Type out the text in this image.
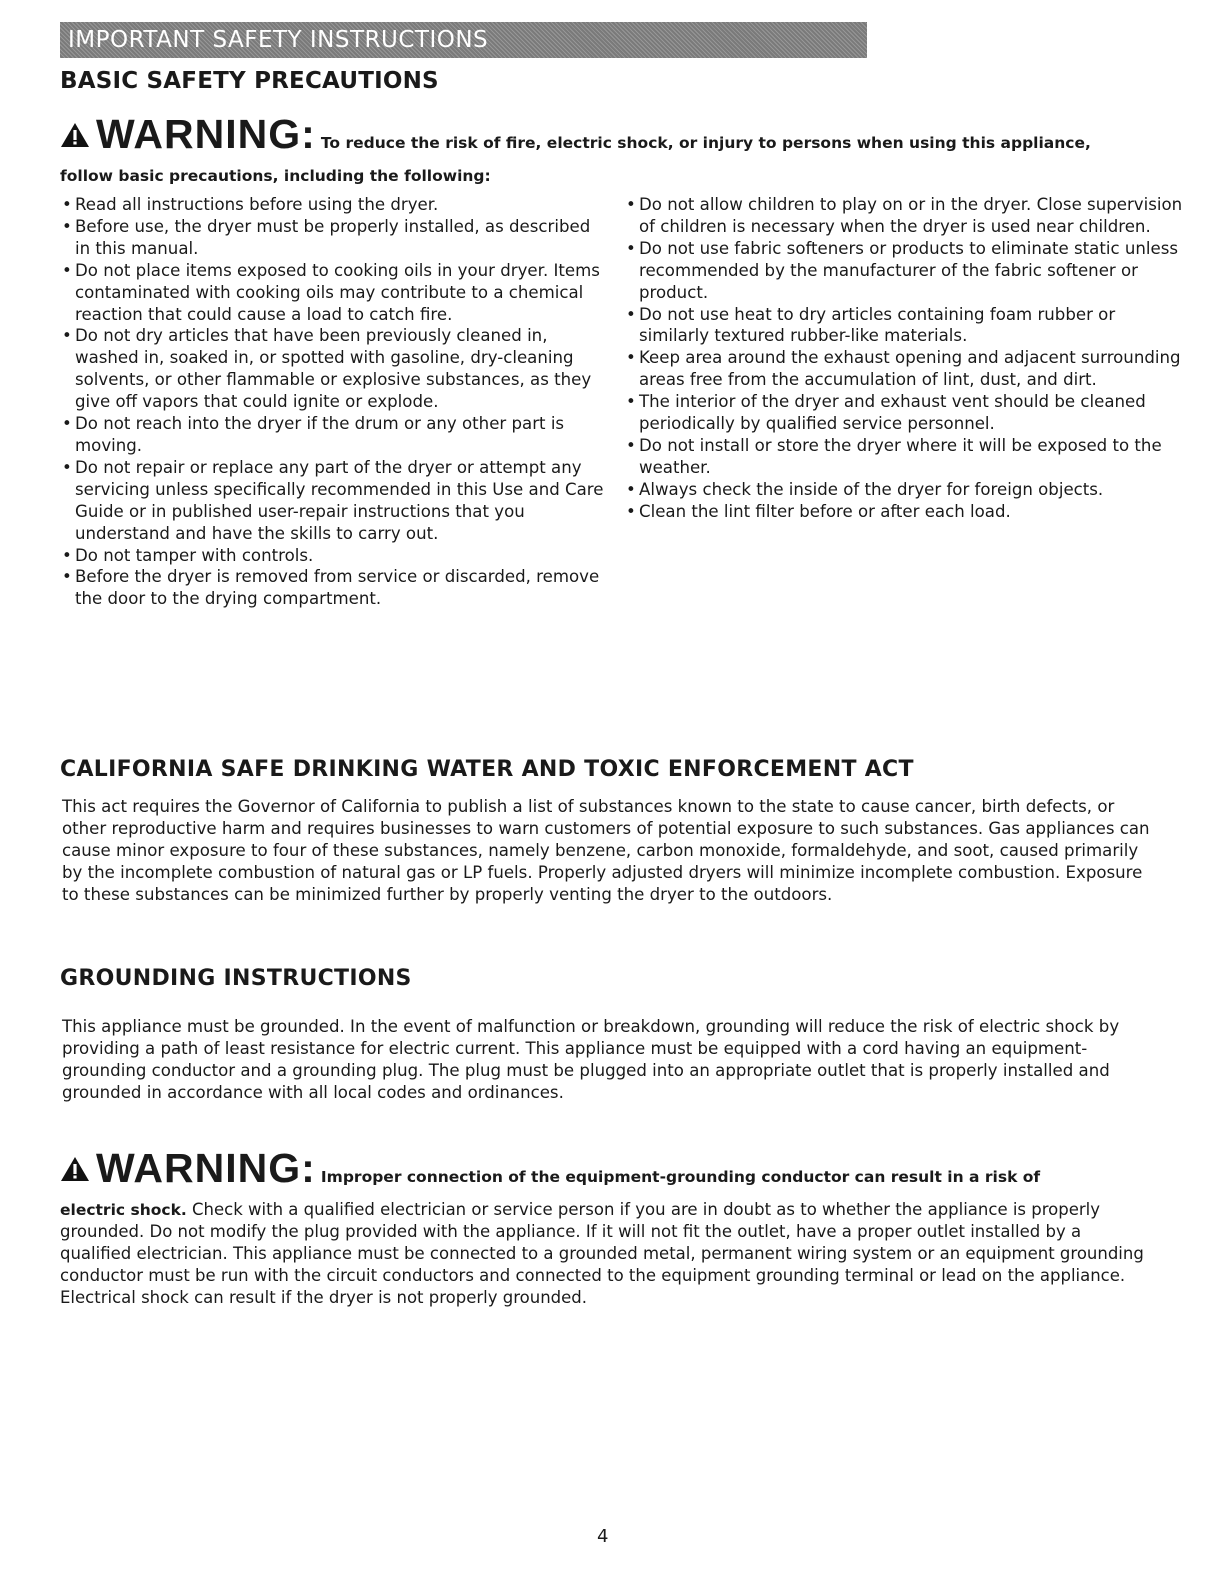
IMPORTANT SAFETY INSTRUCTIONS
BASIC SAFETY PRECAUTIONS
WARNING: To reduce the risk of fire, electric shock, or injury to persons when using this appliance,
follow basic precautions, including the following:
• Read all instructions before using the dryer.
• Before use, the dryer must be properly installed, as described in this manual.
• Do not place items exposed to cooking oils in your dryer. Items contaminated with cooking oils may contribute to a chemical reaction that could cause a load to catch fire.
• Do not dry articles that have been previously cleaned in, washed in, soaked in, or spotted with gasoline, dry-cleaning solvents, or other flammable or explosive substances, as they give off vapors that could ignite or explode.
• Do not reach into the dryer if the drum or any other part is moving.
• Do not repair or replace any part of the dryer or attempt any servicing unless specifically recommended in this Use and Care Guide or in published user-repair instructions that you understand and have the skills to carry out.
• Do not tamper with controls.
• Before the dryer is removed from service or discarded, remove the door to the drying compartment.
• Do not allow children to play on or in the dryer. Close supervision of children is necessary when the dryer is used near children.
• Do not use fabric softeners or products to eliminate static unless recommended by the manufacturer of the fabric softener or product.
• Do not use heat to dry articles containing foam rubber or similarly textured rubber-like materials.
• Keep area around the exhaust opening and adjacent surrounding areas free from the accumulation of lint, dust, and dirt.
• The interior of the dryer and exhaust vent should be cleaned periodically by qualified service personnel.
• Do not install or store the dryer where it will be exposed to the weather.
• Always check the inside of the dryer for foreign objects.
• Clean the lint filter before or after each load.
CALIFORNIA SAFE DRINKING WATER AND TOXIC ENFORCEMENT ACT

This act requires the Governor of California to publish a list of substances known to the state to cause cancer, birth defects, or other reproductive harm and requires businesses to warn customers of potential exposure to such substances. Gas appliances can cause minor exposure to four of these substances, namely benzene, carbon monoxide, formaldehyde, and soot, caused primarily by the incomplete combustion of natural gas or LP fuels. Properly adjusted dryers will minimize incomplete combustion. Exposure to these substances can be minimized further by properly venting the dryer to the outdoors.

GROUNDING INSTRUCTIONS

This appliance must be grounded. In the event of malfunction or breakdown, grounding will reduce the risk of electric shock by providing a path of least resistance for electric current. This appliance must be equipped with a cord having an equipment-grounding conductor and a grounding plug. The plug must be plugged into an appropriate outlet that is properly installed and grounded in accordance with all local codes and ordinances.

WARNING: Improper connection of the equipment-grounding conductor can result in a risk of
electric shock. Check with a qualified electrician or service person if you are in doubt as to whether the appliance is properly grounded. Do not modify the plug provided with the appliance. If it will not fit the outlet, have a proper outlet installed by a qualified electrician. This appliance must be connected to a grounded metal, permanent wiring system or an equipment grounding conductor must be run with the circuit conductors and connected to the equipment grounding terminal or lead on the appliance. Electrical shock can result if the dryer is not properly grounded.
4
